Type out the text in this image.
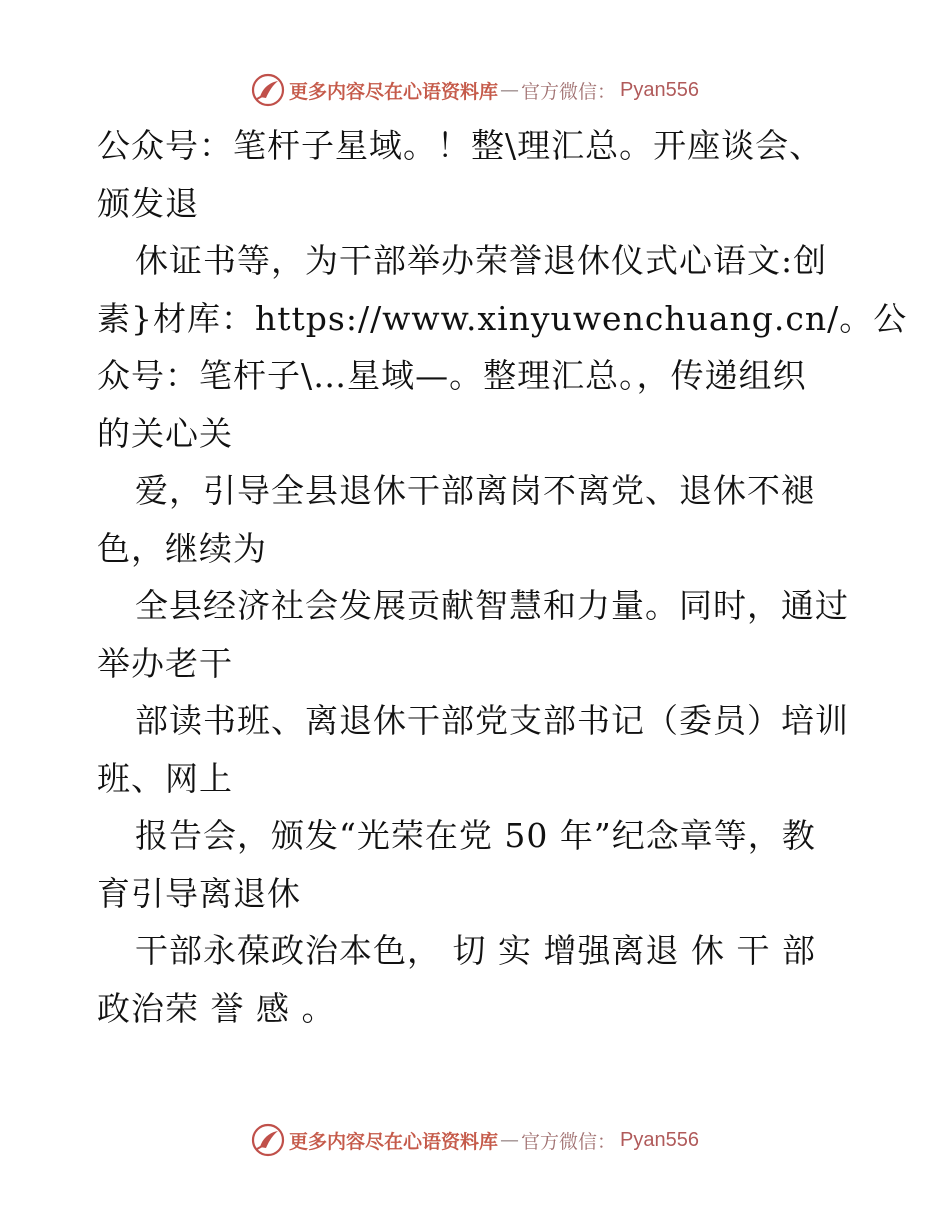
更多内容尽在心语资料库 — 官方微信： Pyan556
公众号：笔杆子星域。！整\理汇总。开座谈会、
颁发退
休证书等，为干部举办荣誉退休仪式心语文:创
素}材库：https://www.xinyuwenchuang.cn/。公
众号：笔杆子\…星域—。整理汇总。，传递组织
的关心关
爱，引导全县退休干部离岗不离党、退休不褪
色，继续为
全县经济社会发展贡献智慧和力量。同时，通过
举办老干
部读书班、离退休干部党支部书记（委员）培训
班、网上
报告会，颁发“光荣在党 50 年”纪念章等，教
育引导离退休
干部永葆政治本色， 切 实 增强离退 休 干 部
政治荣 誉 感 。
更多内容尽在心语资料库 — 官方微信： Pyan556
